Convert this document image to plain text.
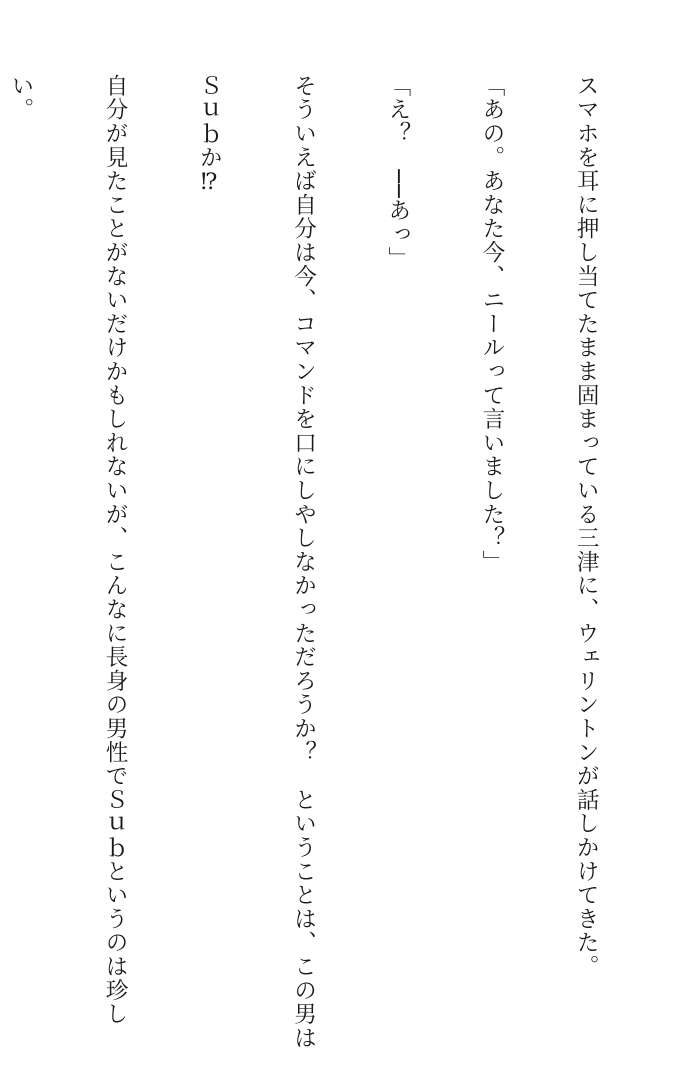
スマホを耳に押し当てたまま固まっている三津に、ウェリントンが話しかけてきた。

「あの。あなた今、ニールって言いました？」

「え？　──あっ」

そういえば自分は今、コマンドを口にしやしなかっただろうか？　ということは、この男は

Ｓｕｂか⁉

自分が見たことがないだけかもしれないが、こんなに長身の男性でＳｕｂというのは珍し

い。
